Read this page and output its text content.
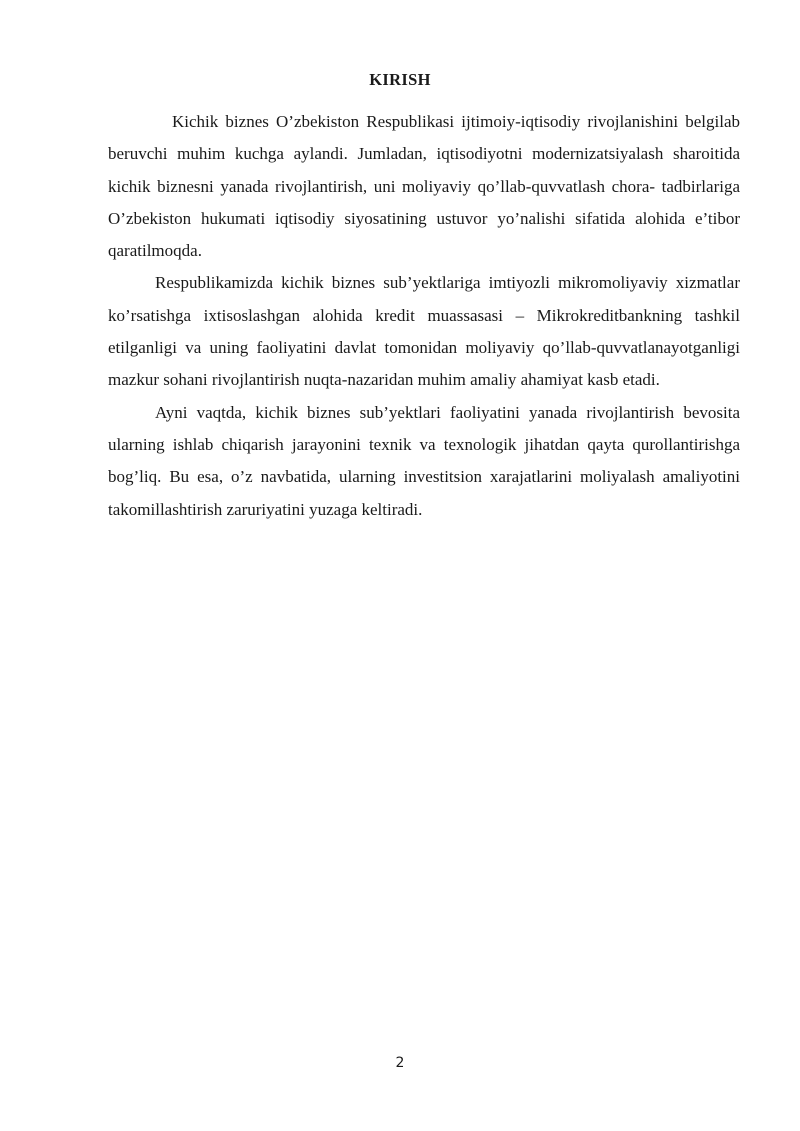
KIRISH

Kichik biznes O’zbekiston Respublikasi ijtimoiy-iqtisodiy rivojlanishini belgilab beruvchi muhim kuchga aylandi. Jumladan, iqtisodiyotni modernizatsiyalash sharoitida kichik biznesni yanada rivojlantirish, uni moliyaviy qo’llab-quvvatlash chora- tadbirlariga O’zbekiston hukumati iqtisodiy siyosatining ustuvor yo’nalishi sifatida alohida e’tibor qaratilmoqda.

Respublikamizda kichik biznes sub’yektlariga imtiyozli mikromoliyaviy xizmatlar ko’rsatishga ixtisoslashgan alohida kredit muassasasi – Mikrokreditbankning tashkil etilganligi va uning faoliyatini davlat tomonidan moliyaviy qo’llab-quvvatlanayotganligi mazkur sohani rivojlantirish nuqta-nazaridan muhim amaliy ahamiyat kasb etadi.

Ayni vaqtda, kichik biznes sub’yektlari faoliyatini yanada rivojlantirish bevosita ularning ishlab chiqarish jarayonini texnik va texnologik jihatdan qayta qurollantirishga bog’liq. Bu esa, o’z navbatida, ularning investitsion xarajatlarini moliyalash amaliyotini takomillashtirish zaruriyatini yuzaga keltiradi.

2
